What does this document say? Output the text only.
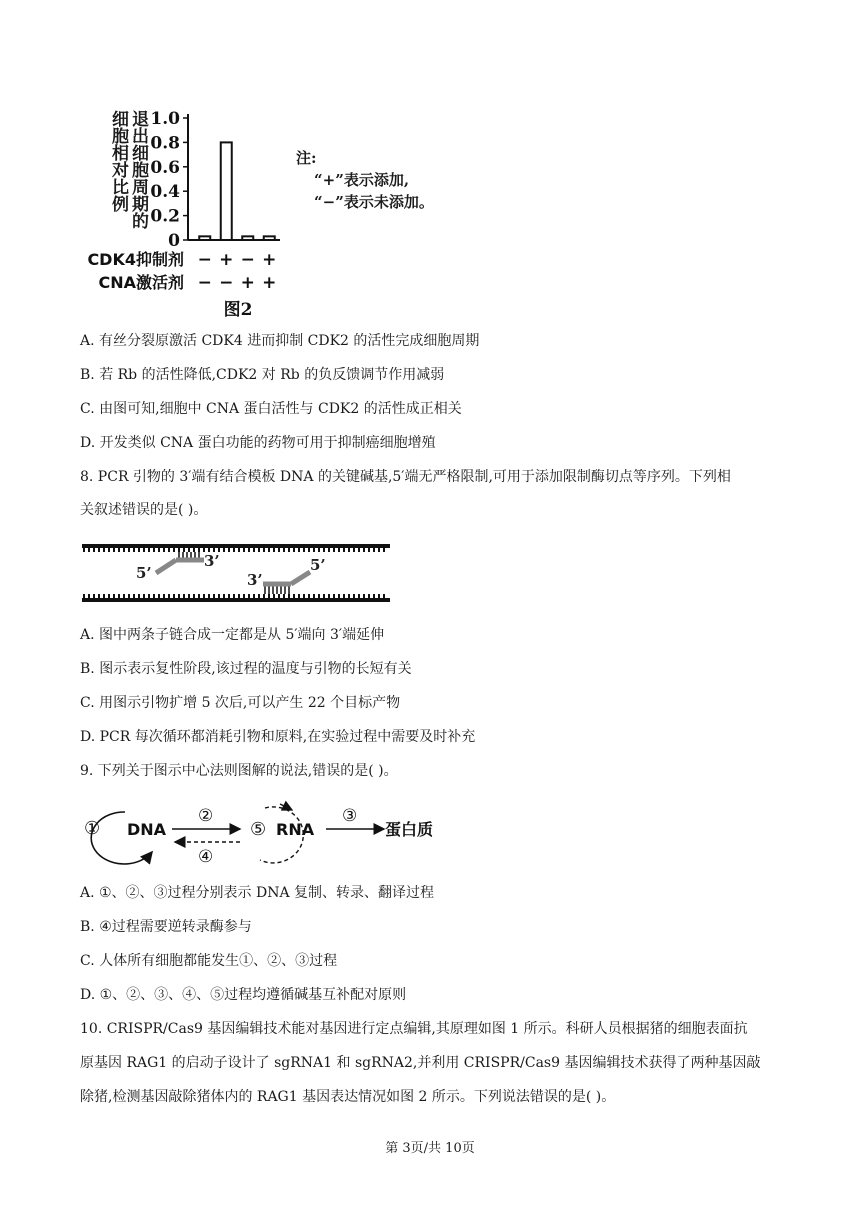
退出细胞周期的细胞相对比例	1.0
0.8
0.6
0.4
0.2
0
CDK4抑制剂 − + − +
CNA激活剂 − − + +
图2
注:
“+”表示添加,
“−”表示未添加。
A. 有丝分裂原激活 CDK4 进而抑制 CDK2 的活性完成细胞周期
B. 若 Rb 的活性降低,CDK2 对 Rb 的负反馈调节作用减弱
C. 由图可知,细胞中 CNA 蛋白活性与 CDK2 的活性成正相关
D. 开发类似 CNA 蛋白功能的药物可用于抑制癌细胞增殖
8. PCR 引物的 3′端有结合模板 DNA 的关键碱基,5′端无严格限制,可用于添加限制酶切点等序列。下列相
关叙述错误的是( )。
5’
3’
3’
5’
A. 图中两条子链合成一定都是从 5′端向 3′端延伸
B. 图示表示复性阶段,该过程的温度与引物的长短有关
C. 用图示引物扩增 5 次后,可以产生 22 个目标产物
D. PCR 每次循环都消耗引物和原料,在实验过程中需要及时补充
9. 下列关于图示中心法则图解的说法,错误的是( )。
① DNA
②
④
⑤ RNA
③
蛋白质
A. ①、②、③过程分别表示 DNA 复制、转录、翻译过程
B. ④过程需要逆转录酶参与
C. 人体所有细胞都能发生①、②、③过程
D. ①、②、③、④、⑤过程均遵循碱基互补配对原则
10. CRISPR/Cas9 基因编辑技术能对基因进行定点编辑,其原理如图 1 所示。科研人员根据猪的细胞表面抗
原基因 RAG1 的启动子设计了 sgRNA1 和 sgRNA2,并利用 CRISPR/Cas9 基因编辑技术获得了两种基因敲
除猪,检测基因敲除猪体内的 RAG1 基因表达情况如图 2 所示。下列说法错误的是( )。
第 3页/共 10页
